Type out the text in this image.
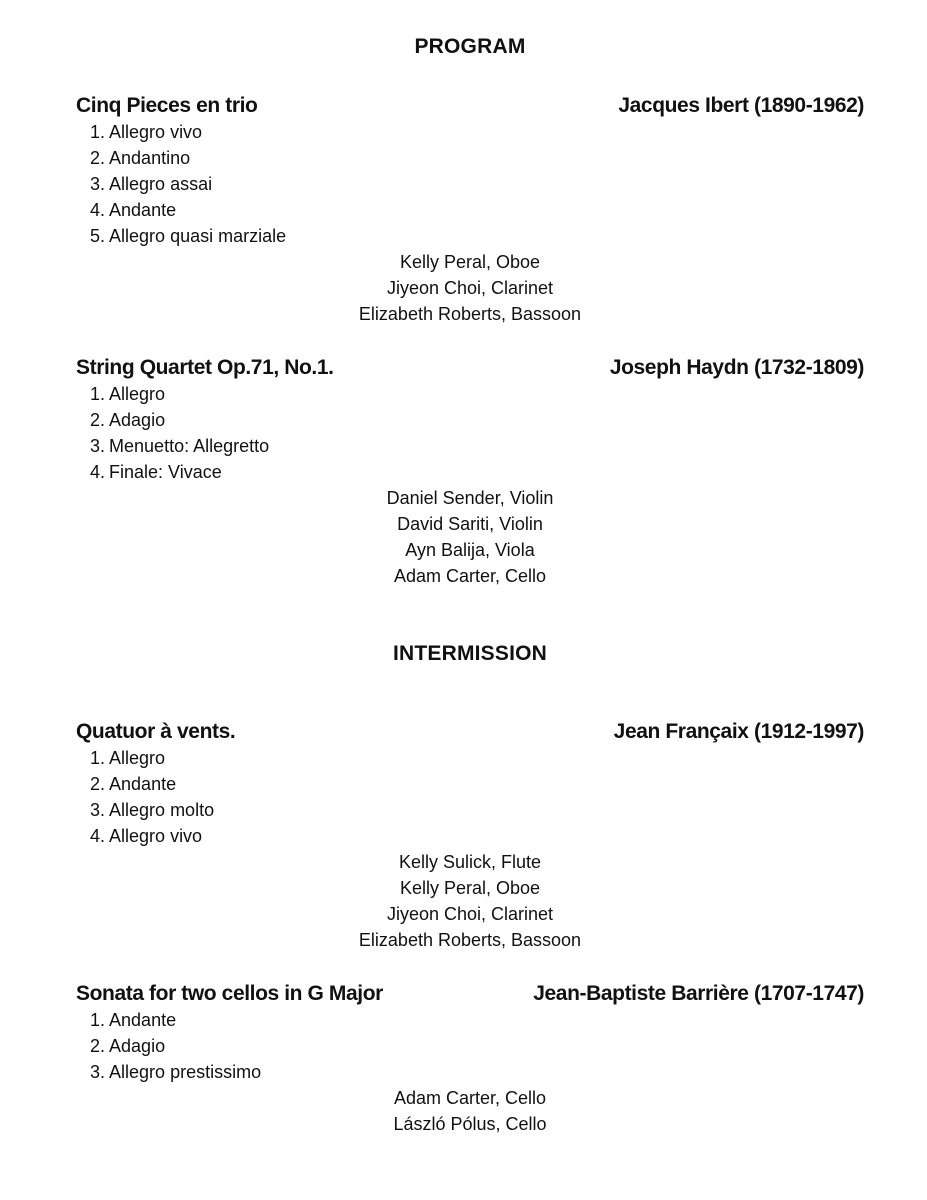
PROGRAM
Cinq Pieces en trio	Jacques Ibert (1890-1962)
Allegro vivo
Andantino
Allegro assai
Andante
Allegro quasi marziale
Kelly Peral, Oboe
Jiyeon Choi, Clarinet
Elizabeth Roberts, Bassoon
String Quartet Op.71, No.1.	Joseph Haydn (1732-1809)
Allegro
Adagio
Menuetto: Allegretto
Finale: Vivace
Daniel Sender, Violin
David Sariti, Violin
Ayn Balija, Viola
Adam Carter, Cello
INTERMISSION
Quatuor à vents.	Jean Françaix (1912-1997)
Allegro
Andante
Allegro molto
Allegro vivo
Kelly Sulick, Flute
Kelly Peral, Oboe
Jiyeon Choi, Clarinet
Elizabeth Roberts, Bassoon
Sonata for two cellos in G Major	Jean-Baptiste Barrière (1707-1747)
Andante
Adagio
Allegro prestissimo
Adam Carter, Cello
László Pólus, Cello
